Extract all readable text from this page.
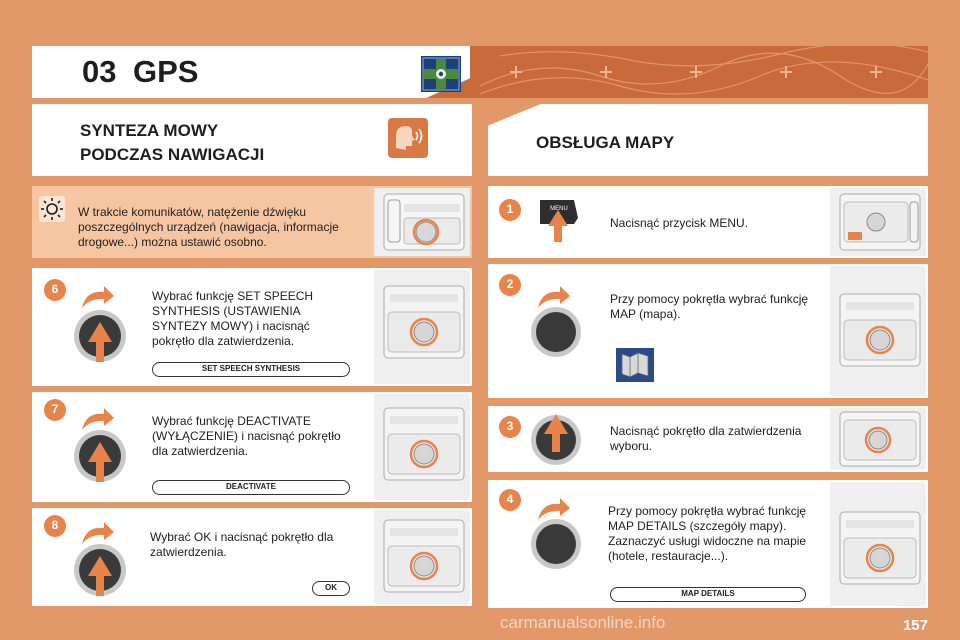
03 GPS
SYNTEZA MOWY
PODCZAS NAWIGACJI
OBSŁUGA MAPY
W trakcie komunikatów, natężenie dźwięku poszczególnych urządzeń (nawigacja, informacje drogowe...) można ustawić osobno.
6	Wybrać funkcję SET SPEECH SYNTHESIS (USTAWIENIA SYNTEZY MOWY) i nacisnąć pokrętło dla zatwierdzenia.
SET SPEECH SYNTHESIS
7
Wybrać funkcję DEACTIVATE (WYŁĄCZENIE) i nacisnąć pokrętło dla zatwierdzenia.
DEACTIVATE
8
Wybrać OK i nacisnąć pokrętło dla zatwierdzenia.
OK
1	MENU
Nacisnąć przycisk MENU.
2
Przy pomocy pokrętła wybrać funkcję MAP (mapa).
3	Nacisnąć pokrętło dla zatwierdzenia wyboru.
4
Przy pomocy pokrętła wybrać funkcję MAP DETAILS (szczegóły mapy). Zaznaczyć usługi widoczne na mapie (hotele, restauracje...).
MAP DETAILS
carmanualsonline.info	157
